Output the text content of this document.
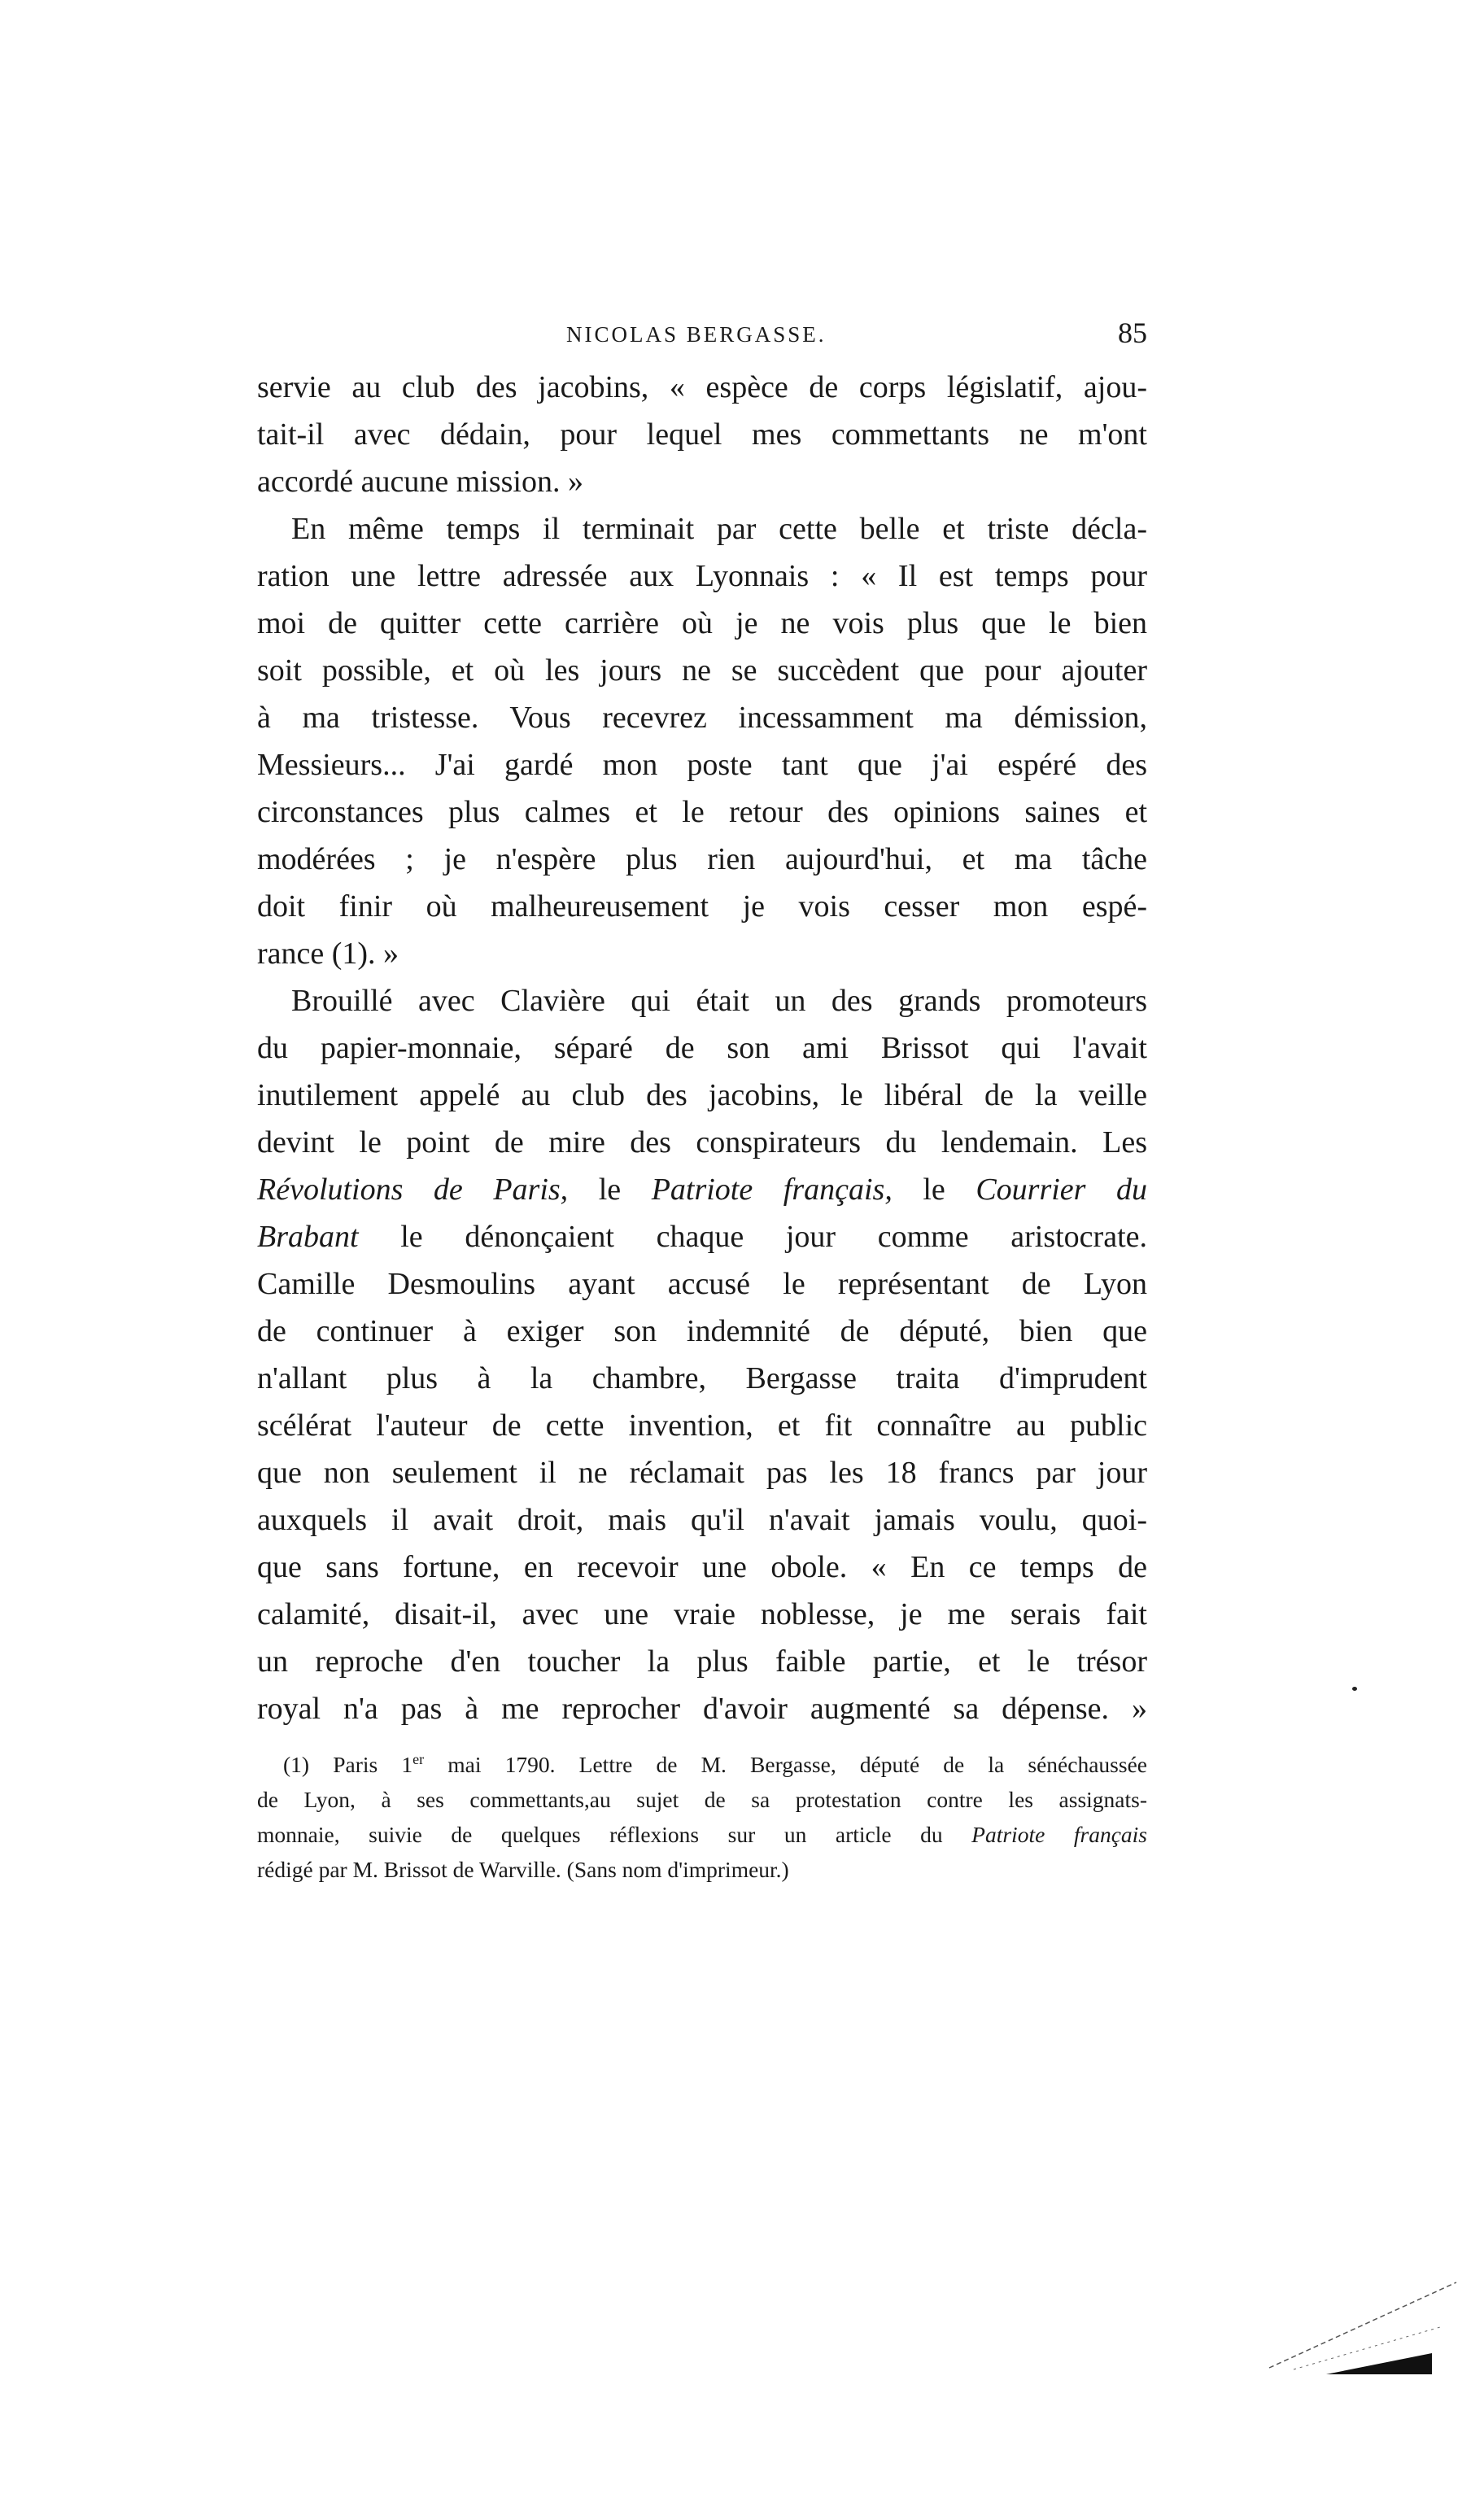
NICOLAS BERGASSE.	85
servie au club des jacobins, « espèce de corps législatif, ajou-
tait-il avec dédain, pour lequel mes commettants ne m'ont
accordé aucune mission. »
En même temps il terminait par cette belle et triste décla-
ration une lettre adressée aux Lyonnais : « Il est temps pour
moi de quitter cette carrière où je ne vois plus que le bien
soit possible, et où les jours ne se succèdent que pour ajouter
à ma tristesse. Vous recevrez incessamment ma démission,
Messieurs... J'ai gardé mon poste tant que j'ai espéré des
circonstances plus calmes et le retour des opinions saines et
modérées ; je n'espère plus rien aujourd'hui, et ma tâche
doit finir où malheureusement je vois cesser mon espé-
rance (1). »
Brouillé avec Clavière qui était un des grands promoteurs
du papier-monnaie, séparé de son ami Brissot qui l'avait
inutilement appelé au club des jacobins, le libéral de la veille
devint le point de mire des conspirateurs du lendemain. Les
Révolutions de Paris, le Patriote français, le Courrier du
Brabant le dénonçaient chaque jour comme aristocrate.
Camille Desmoulins ayant accusé le représentant de Lyon
de continuer à exiger son indemnité de député, bien que
n'allant plus à la chambre, Bergasse traita d'imprudent
scélérat l'auteur de cette invention, et fit connaître au public
que non seulement il ne réclamait pas les 18 francs par jour
auxquels il avait droit, mais qu'il n'avait jamais voulu, quoi-
que sans fortune, en recevoir une obole. « En ce temps de
calamité, disait-il, avec une vraie noblesse, je me serais fait
un reproche d'en toucher la plus faible partie, et le trésor
royal n'a pas à me reprocher d'avoir augmenté sa dépense. »
(1) Paris 1er mai 1790. Lettre de M. Bergasse, député de la sénéchaussée
de Lyon, à ses commettants,au sujet de sa protestation contre les assignats-
monnaie, suivie de quelques réflexions sur un article du Patriote français
rédigé par M. Brissot de Warville. (Sans nom d'imprimeur.)
